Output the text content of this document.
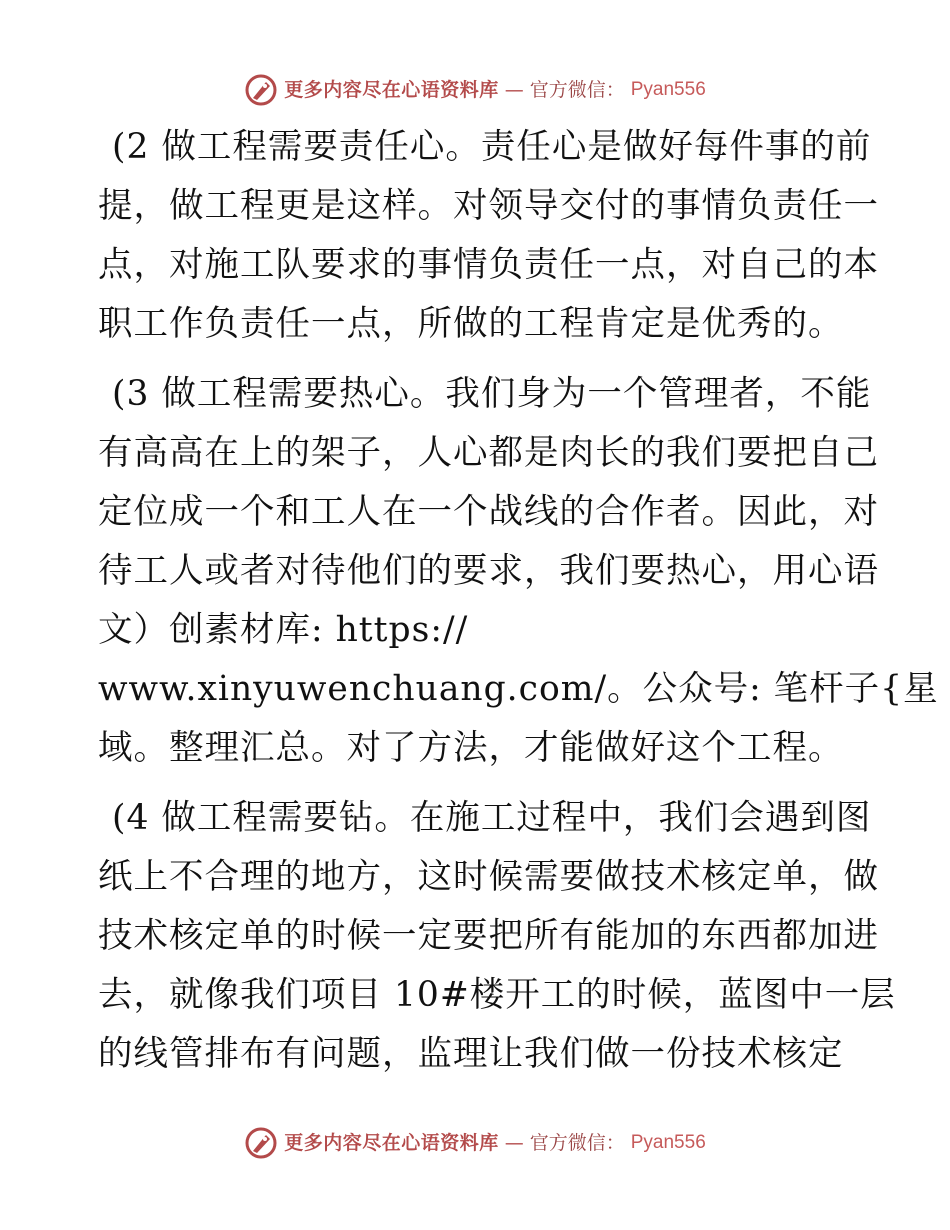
更多内容尽在心语资料库 — 官方微信： Pyan556
(2 做工程需要责任心。责任心是做好每件事的前
提，做工程更是这样。对领导交付的事情负责任一
点，对施工队要求的事情负责任一点，对自己的本
职工作负责任一点，所做的工程肯定是优秀的。
(3 做工程需要热心。我们身为一个管理者，不能
有高高在上的架子，人心都是肉长的我们要把自己
定位成一个和工人在一个战线的合作者。因此，对
待工人或者对待他们的要求，我们要热心，用心语
文）创素材库: https://
www.xinyuwenchuang.com/。公众号: 笔杆子{星
域。整理汇总。对了方法，才能做好这个工程。
(4 做工程需要钻。在施工过程中，我们会遇到图
纸上不合理的地方，这时候需要做技术核定单，做
技术核定单的时候一定要把所有能加的东西都加进
去，就像我们项目 10#楼开工的时候，蓝图中一层
的线管排布有问题，监理让我们做一份技术核定
更多内容尽在心语资料库 — 官方微信： Pyan556
